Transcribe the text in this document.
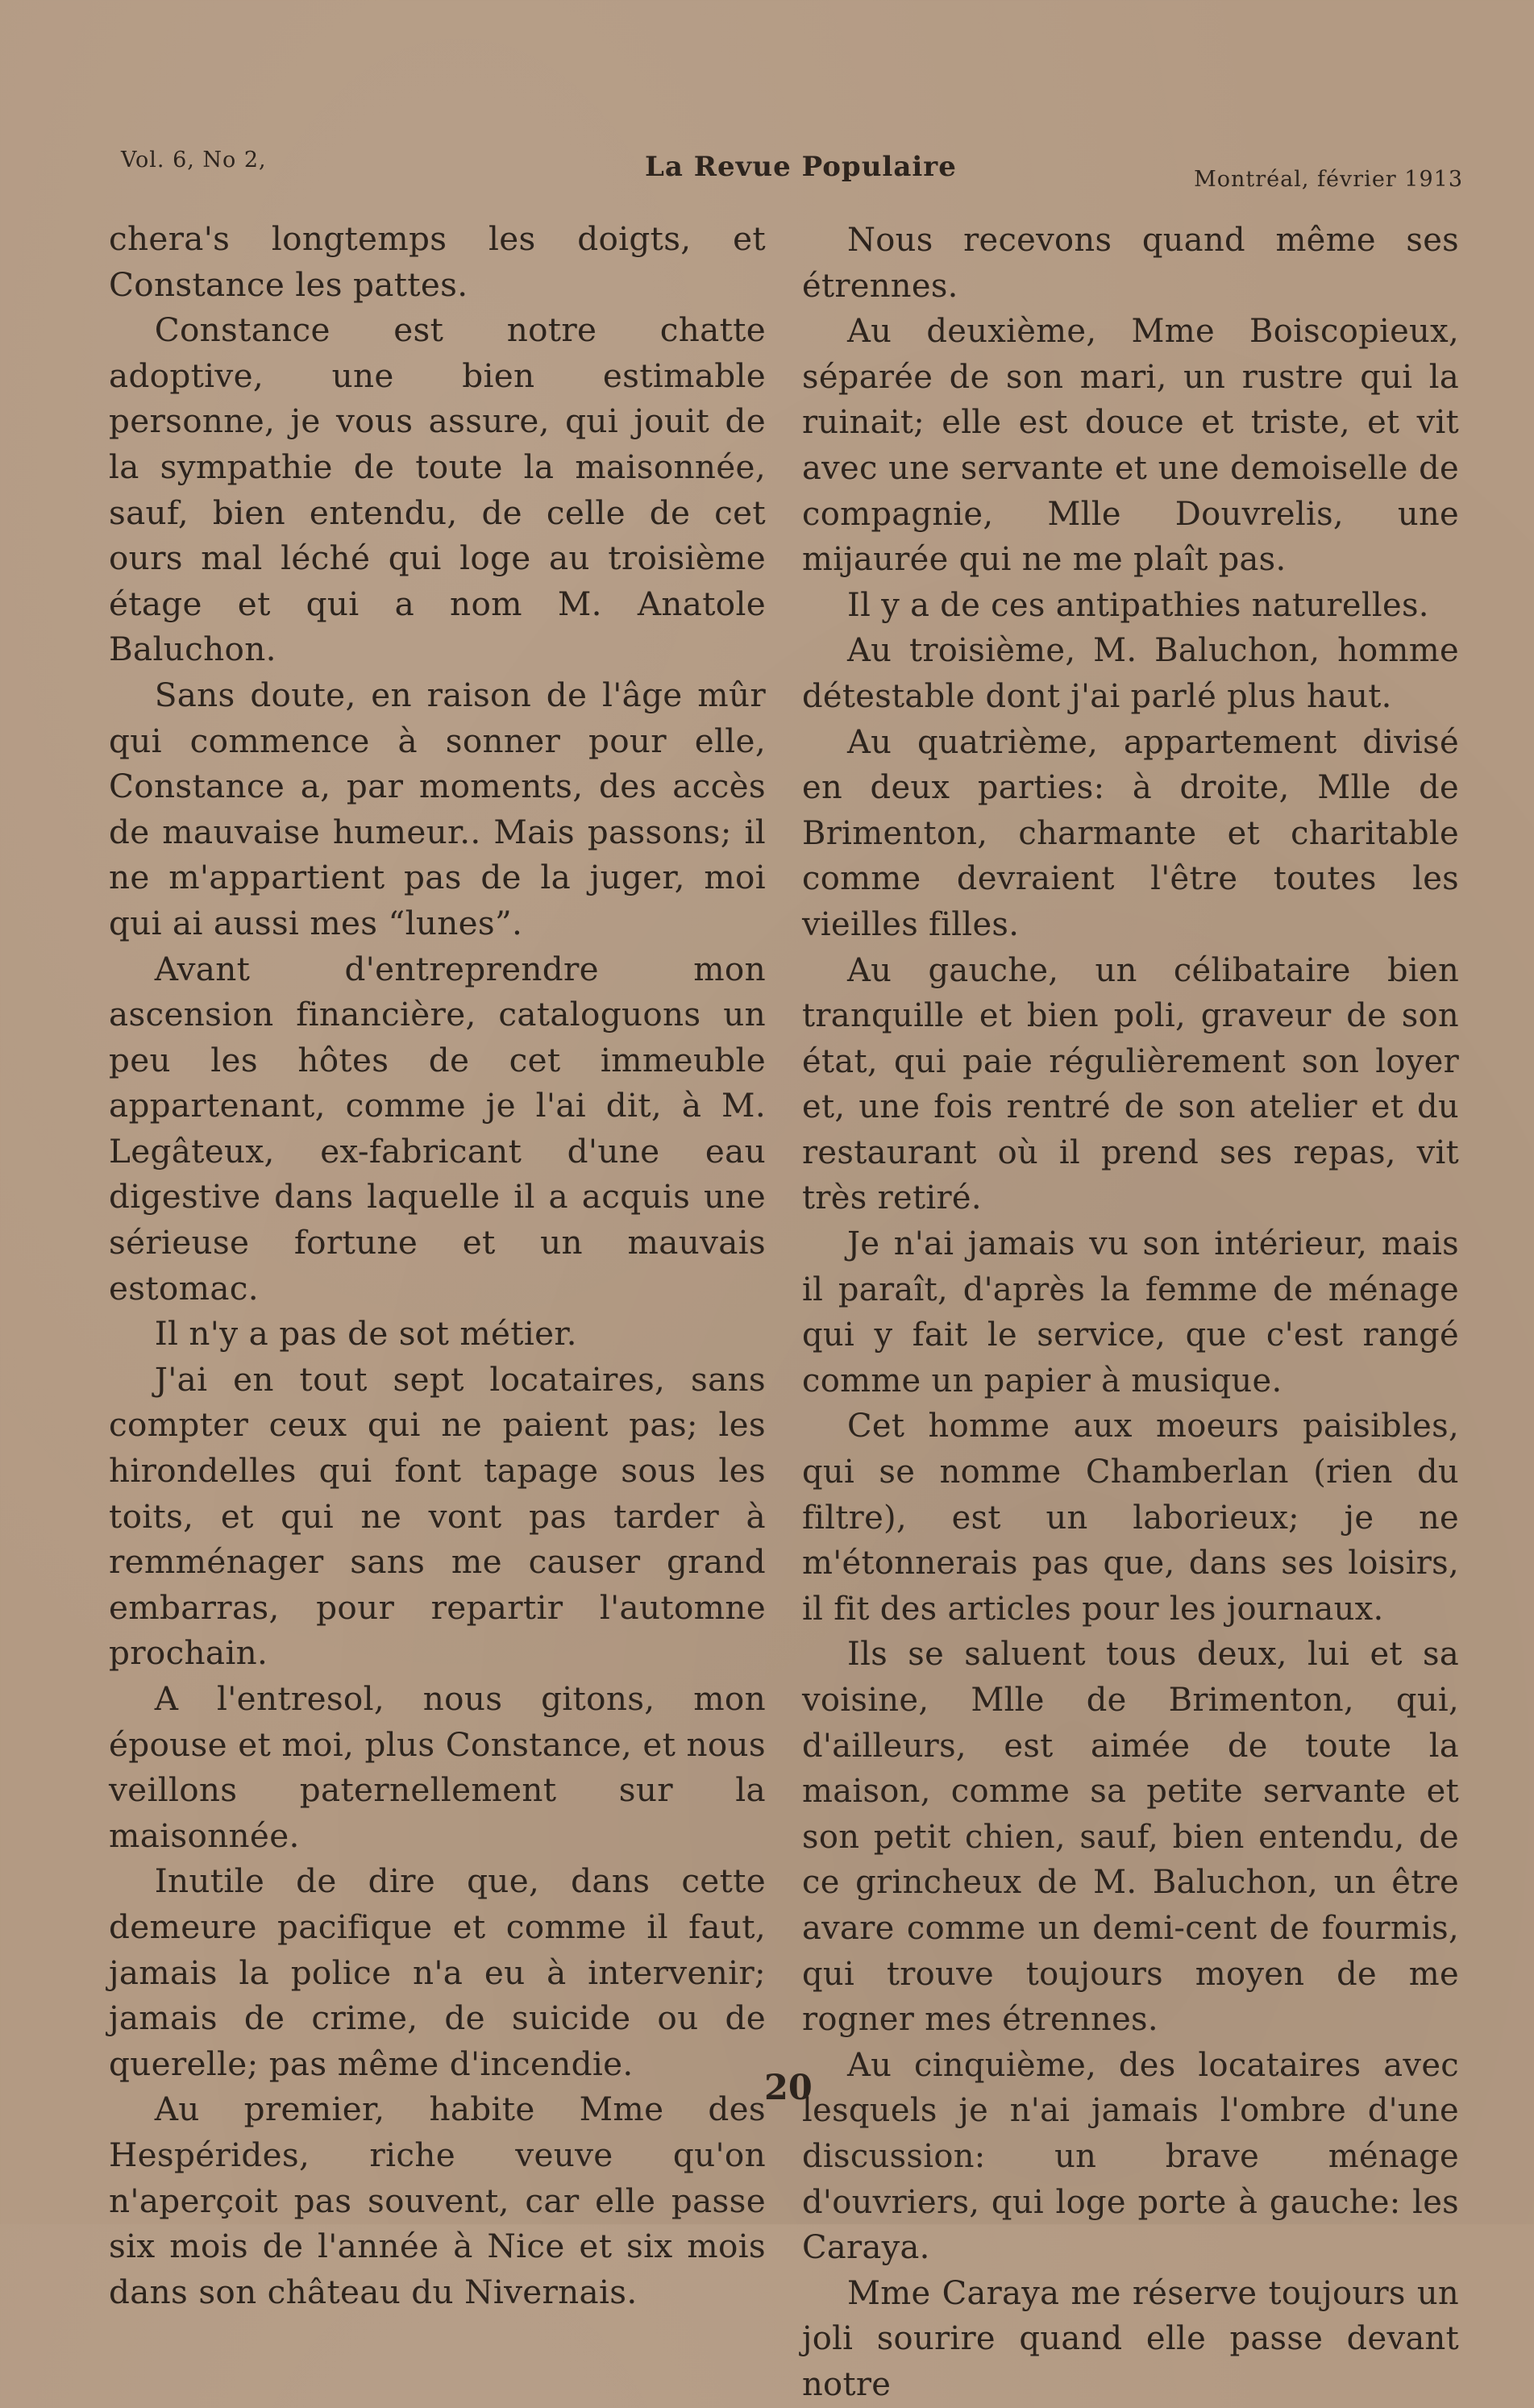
Vol. 6, No 2,	La Revue Populaire	Montréal, février 1913

chera's longtemps les doigts, et Constance les pattes.

Constance est notre chatte adoptive, une bien estimable personne, je vous assure, qui jouit de la sympathie de toute la maisonnée, sauf, bien entendu, de celle de cet ours mal léché qui loge au troisième étage et qui a nom M. Anatole Baluchon.

Sans doute, en raison de l'âge mûr qui commence à sonner pour elle, Constance a, par moments, des accès de mauvaise humeur.. Mais passons; il ne m'appartient pas de la juger, moi qui ai aussi mes “lunes”.

Avant d'entreprendre mon ascension financière, cataloguons un peu les hôtes de cet immeuble appartenant, comme je l'ai dit, à M. Legâteux, ex-fabricant d'une eau digestive dans laquelle il a acquis une sérieuse fortune et un mauvais estomac.

Il n'y a pas de sot métier.

J'ai en tout sept locataires, sans compter ceux qui ne paient pas; les hirondelles qui font tapage sous les toits, et qui ne vont pas tarder à remménager sans me causer grand embarras, pour repartir l'automne prochain.

A l'entresol, nous gitons, mon épouse et moi, plus Constance, et nous veillons paternellement sur la maisonnée.

Inutile de dire que, dans cette demeure pacifique et comme il faut, jamais la police n'a eu à intervenir; jamais de crime, de suicide ou de querelle; pas même d'incendie.

Au premier, habite Mme des Hespérides, riche veuve qu'on n'aperçoit pas souvent, car elle passe six mois de l'année à Nice et six mois dans son château du Nivernais.

Nous recevons quand même ses étrennes.

Au deuxième, Mme Boiscopieux, séparée de son mari, un rustre qui la ruinait; elle est douce et triste, et vit avec une servante et une demoiselle de compagnie, Mlle Douvrelis, une mijaurée qui ne me plaît pas.

Il y a de ces antipathies naturelles.

Au troisième, M. Baluchon, homme détestable dont j'ai parlé plus haut.

Au quatrième, appartement divisé en deux parties: à droite, Mlle de Brimenton, charmante et charitable comme devraient l'être toutes les vieilles filles.

Au gauche, un célibataire bien tranquille et bien poli, graveur de son état, qui paie régulièrement son loyer et, une fois rentré de son atelier et du restaurant où il prend ses repas, vit très retiré.

Je n'ai jamais vu son intérieur, mais il paraît, d'après la femme de ménage qui y fait le service, que c'est rangé comme un papier à musique.

Cet homme aux moeurs paisibles, qui se nomme Chamberlan (rien du filtre), est un laborieux; je ne m'étonnerais pas que, dans ses loisirs, il fit des articles pour les journaux.

Ils se saluent tous deux, lui et sa voisine, Mlle de Brimenton, qui, d'ailleurs, est aimée de toute la maison, comme sa petite servante et son petit chien, sauf, bien entendu, de ce grincheux de M. Baluchon, un être avare comme un demi-cent de fourmis, qui trouve toujours moyen de me rogner mes étrennes.

Au cinquième, des locataires avec lesquels je n'ai jamais l'ombre d'une discussion: un brave ménage d'ouvriers, qui loge porte à gauche: les Caraya.

Mme Caraya me réserve toujours un joli sourire quand elle passe devant notre

20
